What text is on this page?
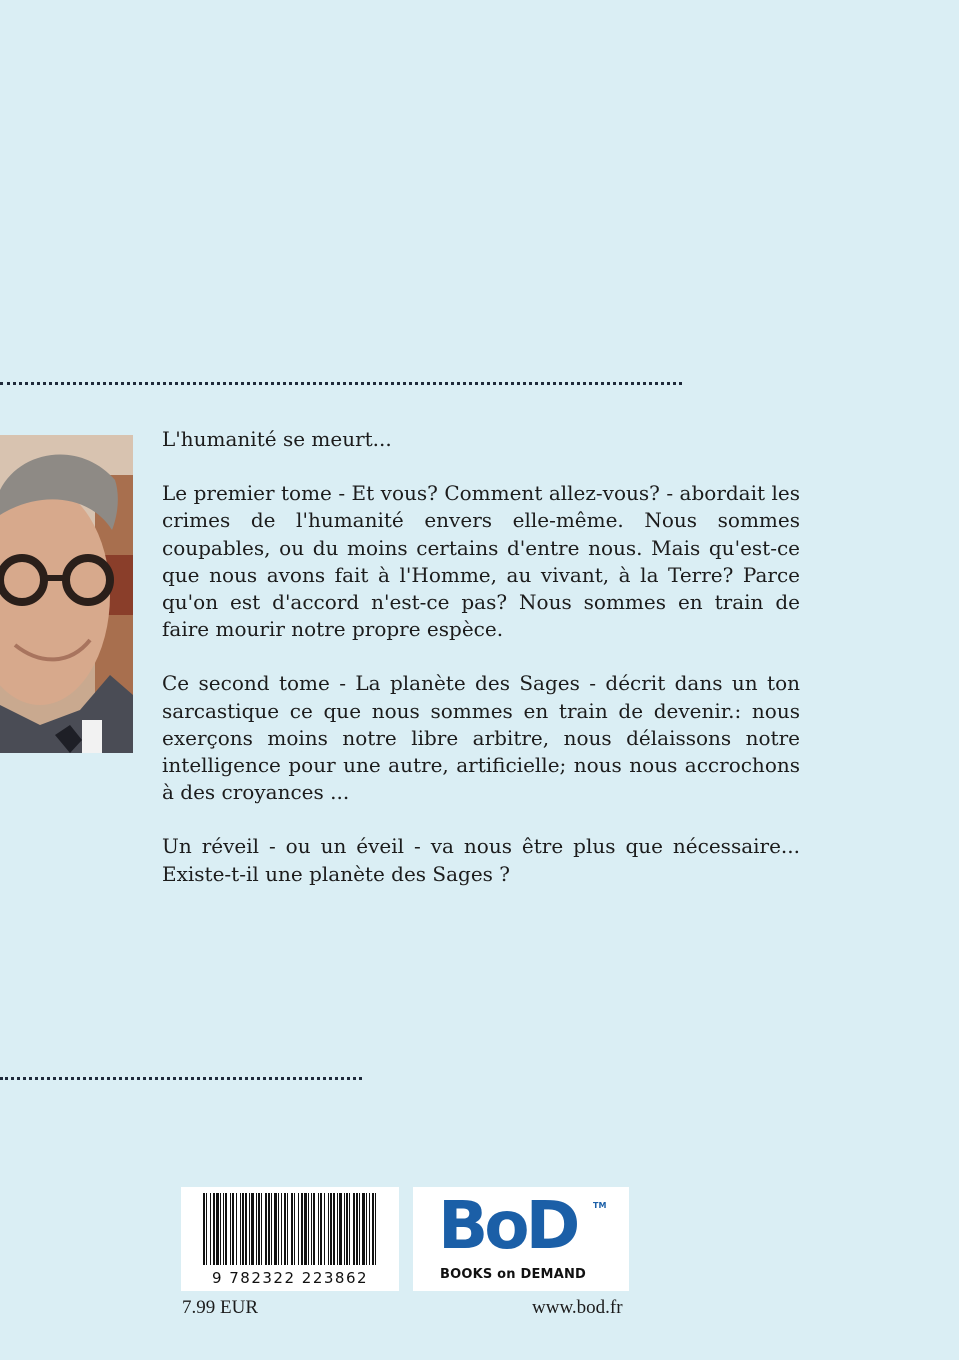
L'humanité se meurt...

Le premier tome - Et vous? Comment allez-vous? - abordait les crimes de l'humanité envers elle-même. Nous sommes coupables, ou du moins certains d'entre nous. Mais qu'est-ce que nous avons fait à l'Homme, au vivant, à la Terre? Parce qu'on est d'accord n'est-ce pas? Nous sommes en train de faire mourir notre propre espèce.

Ce second tome - La planète des Sages - décrit dans un ton sarcastique ce que nous sommes en train de devenir.: nous exerçons moins notre libre arbitre, nous délaissons notre intelligence pour une autre, artificielle; nous nous accrochons à des croyances ...

Un réveil - ou un éveil - va nous être plus que nécessaire... Existe-t-il une planète des Sages ?

9 782322 223862
BoD TM
BOOKS on DEMAND
7.99 EUR	www.bod.fr
